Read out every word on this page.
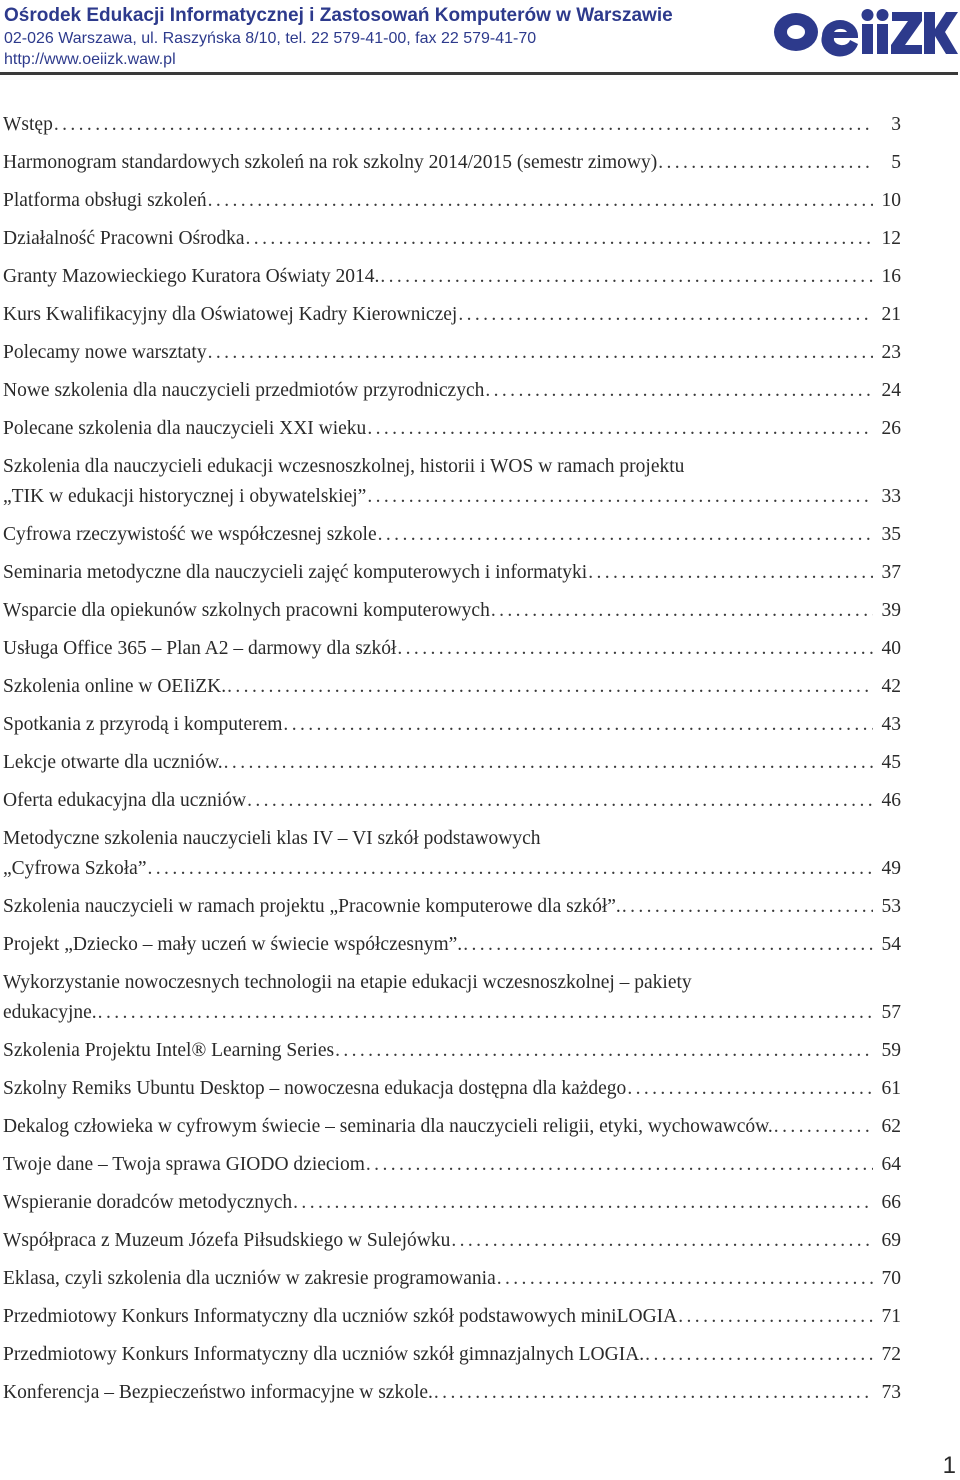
Ośrodek Edukacji Informatycznej i Zastosowań Komputerów w Warszawie
02-026 Warszawa, ul. Raszyńska 8/10, tel. 22 579-41-00, fax 22 579-41-70
http://www.oeiizk.waw.pl
Wstęp .....	3
Harmonogram standardowych szkoleń na rok szkolny 2014/2015 (semestr zimowy) .....	5
Platforma obsługi szkoleń .....	10
Działalność Pracowni Ośrodka .....	12
Granty Mazowieckiego Kuratora Oświaty 2014. .....	16
Kurs Kwalifikacyjny dla Oświatowej Kadry Kierowniczej .....	21
Polecamy nowe warsztaty .....	23
Nowe szkolenia dla nauczycieli przedmiotów przyrodniczych .....	24
Polecane szkolenia dla nauczycieli XXI wieku .....	26
Szkolenia dla nauczycieli edukacji wczesnoszkolnej, historii i WOS w ramach projektu
„TIK w edukacji historycznej i obywatelskiej” .....	33
Cyfrowa rzeczywistość we współczesnej szkole .....	35
Seminaria metodyczne dla nauczycieli zajęć komputerowych i informatyki .....	37
Wsparcie dla opiekunów szkolnych pracowni komputerowych .....	39
Usługa Office 365 – Plan A2 – darmowy dla szkół .....	40
Szkolenia online w OEIiZK. .....	42
Spotkania z przyrodą i komputerem .....	43
Lekcje otwarte dla uczniów. .....	45
Oferta edukacyjna dla uczniów .....	46
Metodyczne szkolenia nauczycieli klas IV – VI szkół podstawowych
„Cyfrowa Szkoła” .....	49
Szkolenia nauczycieli w ramach projektu „Pracownie komputerowe dla szkół”. .....	53
Projekt „Dziecko – mały uczeń w świecie współczesnym”. .....	54
Wykorzystanie nowoczesnych technologii na etapie edukacji wczesnoszkolnej – pakiety
edukacyjne. .....	57
Szkolenia Projektu Intel® Learning Series .....	59
Szkolny Remiks Ubuntu Desktop – nowoczesna edukacja dostępna dla każdego .....	61
Dekalog człowieka w cyfrowym świecie – seminaria dla nauczycieli religii, etyki, wychowawców. .....	62
Twoje dane – Twoja sprawa GIODO dzieciom .....	64
Wspieranie doradców metodycznych .....	66
Współpraca z Muzeum Józefa Piłsudskiego w Sulejówku .....	69
Eklasa, czyli szkolenia dla uczniów w zakresie programowania .....	70
Przedmiotowy Konkurs Informatyczny dla uczniów szkół podstawowych miniLOGIA .....	71
Przedmiotowy Konkurs Informatyczny dla uczniów szkół gimnazjalnych LOGIA. .....	72
Konferencja – Bezpieczeństwo informacyjne w szkole. .....	73
1
